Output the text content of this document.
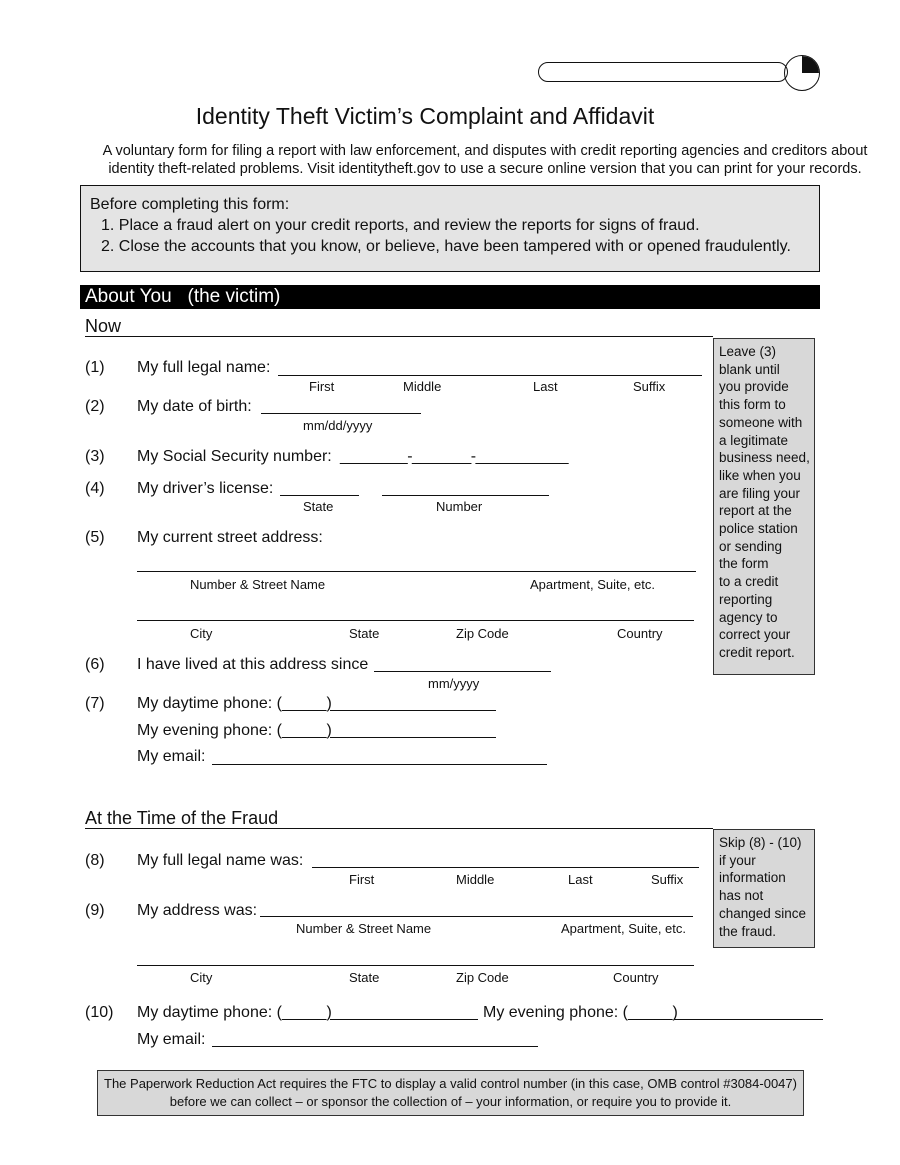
Identity Theft Victim’s Complaint and Affidavit
A voluntary form for filing a report with law enforcement, and disputes with credit reporting agencies and creditors about
identity theft-related problems. Visit identitytheft.gov to use a secure online version that you can print for your records.
Before completing this form:
1. Place a fraud alert on your credit reports, and review the reports for signs of fraud.
2. Close the accounts that you know, or believe, have been tampered with or opened fraudulently.
About You   (the victim)
Now
(1) My full legal name:
First	Middle	Last	Suffix
(2) My date of birth:
mm/dd/yyyy
(3) My Social Security number: ________-_______-___________
(4) My driver’s license:
State	Number
(5) My current street address:
Number & Street Name	Apartment, Suite, etc.
City	State	Zip Code	Country
(6) I have lived at this address since
mm/yyyy
(7) My daytime phone: (_____)
My evening phone: (_____)
My email:
Leave (3)
blank until
you provide
this form to
someone with
a legitimate
business need,
like when you
are filing your
report at the
police station
or sending
the form
to a credit
reporting
agency to
correct your
credit report.
At the Time of the Fraud
(8) My full legal name was:
First	Middle	Last	Suffix
(9) My address was:
Number & Street Name	Apartment, Suite, etc.
City	State	Zip Code	Country
(10) My daytime phone: (_____)	My evening phone: (_____)
My email:
Skip (8) - (10)
if your
information
has not
changed since
the fraud.
The Paperwork Reduction Act requires the FTC to display a valid control number (in this case, OMB control #3084-0047)
before we can collect – or sponsor the collection of – your information, or require you to provide it.
